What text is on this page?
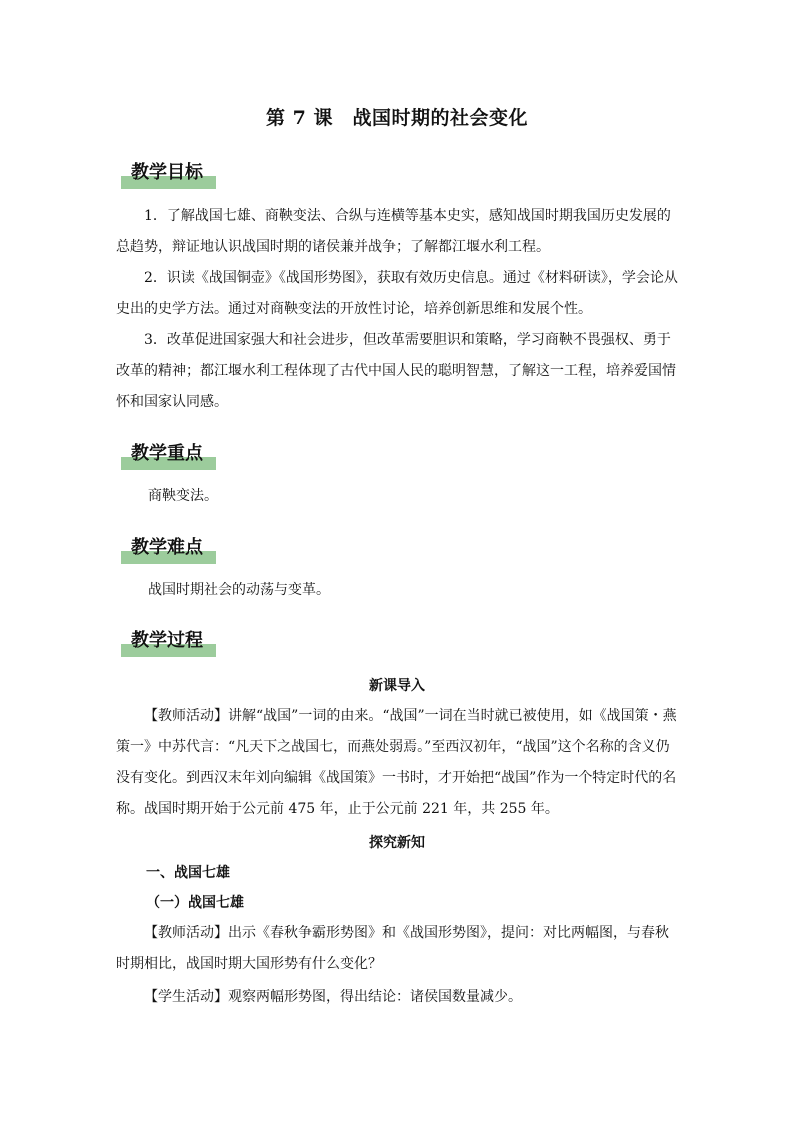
第 7 课　战国时期的社会变化
教学目标
1．了解战国七雄、商鞅变法、合纵与连横等基本史实，感知战国时期我国历史发展的总趋势，辩证地认识战国时期的诸侯兼并战争；了解都江堰水利工程。
2．识读《战国铜壶》《战国形势图》，获取有效历史信息。通过《材料研读》，学会论从史出的史学方法。通过对商鞅变法的开放性讨论，培养创新思维和发展个性。
3．改革促进国家强大和社会进步，但改革需要胆识和策略，学习商鞅不畏强权、勇于改革的精神；都江堰水利工程体现了古代中国人民的聪明智慧，了解这一工程，培养爱国情怀和国家认同感。
教学重点
商鞅变法。
教学难点
战国时期社会的动荡与变革。
教学过程
新课导入
【教师活动】讲解“战国”一词的由来。“战国”一词在当时就已被使用，如《战国策・燕策一》中苏代言：“凡天下之战国七，而燕处弱焉。”至西汉初年，“战国”这个名称的含义仍没有变化。到西汉末年刘向编辑《战国策》一书时，才开始把“战国”作为一个特定时代的名称。战国时期开始于公元前 475 年，止于公元前 221 年，共 255 年。
探究新知
一、战国七雄
（一）战国七雄
【教师活动】出示《春秋争霸形势图》和《战国形势图》，提问：对比两幅图，与春秋时期相比，战国时期大国形势有什么变化？
【学生活动】观察两幅形势图，得出结论：诸侯国数量减少。
